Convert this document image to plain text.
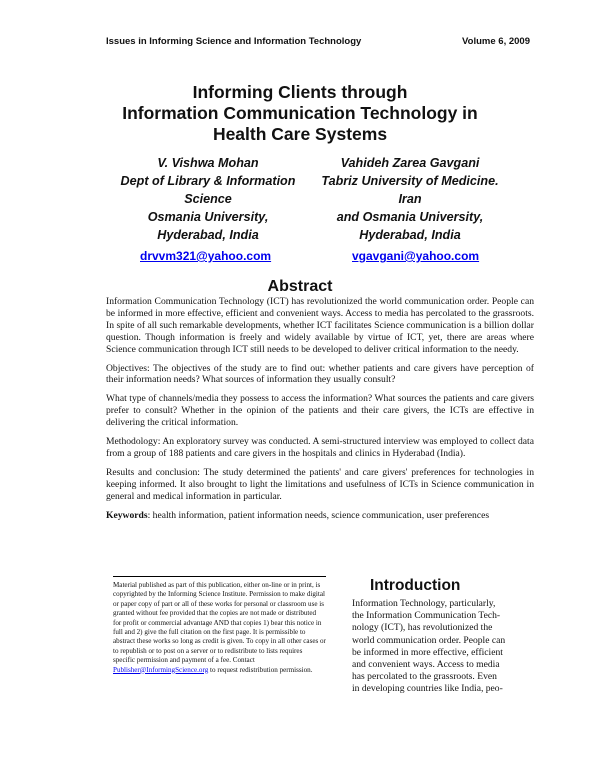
Issues in Informing Science and Information Technology	Volume 6, 2009
Informing Clients through
Information Communication Technology in
Health Care Systems
V. Vishwa Mohan
Dept of Library & Information
Science
Osmania University,
Hyderabad, India
Vahideh Zarea Gavgani
Tabriz University of Medicine.
Iran
and Osmania University,
Hyderabad, India
drvvm321@yahoo.com	vgavgani@yahoo.com
Abstract

Information Communication Technology (ICT) has revolutionized the world communication order. People can be informed in more effective, efficient and convenient ways. Access to media has percolated to the grassroots. In spite of all such remarkable developments, whether ICT facilitates Science communication is a billion dollar question. Though information is freely and widely available by virtue of ICT, yet, there are areas where Science communication through ICT still needs to be developed to deliver critical information to the needy.

Objectives: The objectives of the study are to find out: whether patients and care givers have perception of their information needs? What sources of information they usually consult?

What type of channels/media they possess to access the information? What sources the patients and care givers prefer to consult? Whether in the opinion of the patients and their care givers, the ICTs are effective in delivering the critical information.

Methodology: An exploratory survey was conducted. A semi-structured interview was employed to collect data from a group of 188 patients and care givers in the hospitals and clinics in Hyderabad (India).

Results and conclusion: The study determined the patients' and care givers' preferences for technologies in keeping informed. It also brought to light the limitations and usefulness of ICTs in Science communication in general and medical information in particular.

Keywords: health information, patient information needs, science communication, user preferences

Material published as part of this publication, either on-line or in print, is copyrighted by the Informing Science Institute. Permission to make digital or paper copy of part or all of these works for personal or classroom use is granted without fee provided that the copies are not made or distributed for profit or commercial advantage AND that copies 1) bear this notice in full and 2) give the full citation on the first page. It is permissible to abstract these works so long as credit is given. To copy in all other cases or to republish or to post on a server or to redistribute to lists requires specific permission and payment of a fee. Contact Publisher@InformingScience.org to request redistribution permission.
Introduction
Information Technology, particularly,
the Information Communication Tech-
nology (ICT), has revolutionized the
world communication order. People can
be informed in more effective, efficient
and convenient ways. Access to media
has percolated to the grassroots. Even
in developing countries like India, peo-
